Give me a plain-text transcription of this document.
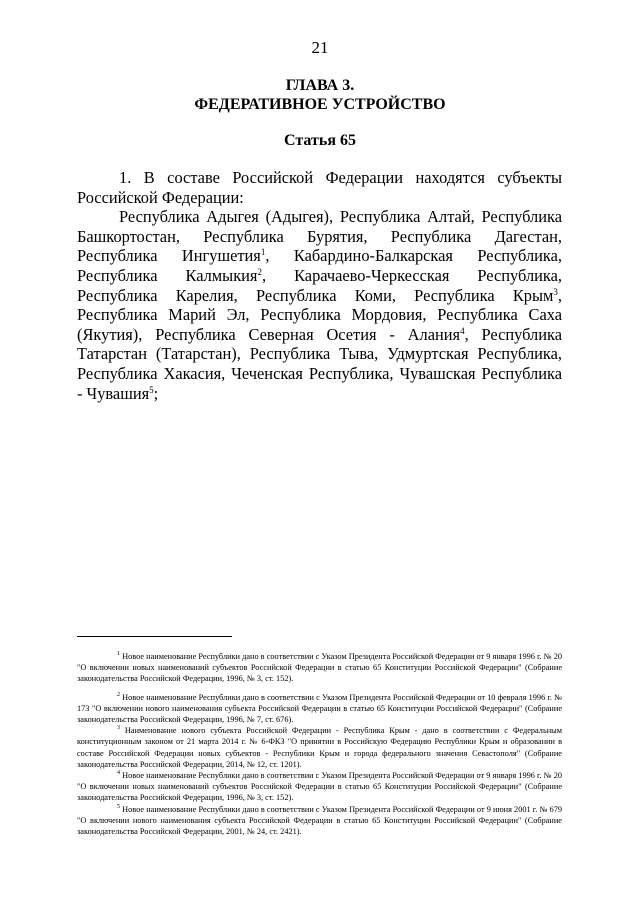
21
ГЛАВА 3.
ФЕДЕРАТИВНОЕ УСТРОЙСТВО
Статья 65

1. В составе Российской Федерации находятся субъекты Российской Федерации:

Республика Адыгея (Адыгея), Республика Алтай, Республика Башкортостан, Республика Бурятия, Республика Дагестан, Республика Ингушетия$^1$, Кабардино-Балкарская Республика, Республика Калмыкия$^2$, Карачаево-Черкесская Республика, Республика Карелия, Республика Коми, Республика Крым$^3$, Республика Марий Эл, Республика Мордовия, Республика Саха (Якутия), Республика Северная Осетия - Алания$^4$, Республика Татарстан (Татарстан), Республика Тыва, Удмуртская Республика, Республика Хакасия, Чеченская Республика, Чувашская Республика - Чувашия$^5$;

$^1$ Новое наименование Республики дано в соответствии с Указом Президента Российской Федерации от 9 января 1996 г. № 20 "О включении новых наименований субъектов Российской Федерации в статью 65 Конституции Российской Федерации" (Собрание законодательства Российской Федерации, 1996, № 3, ст. 152).

$^2$ Новое наименование Республики дано в соответствии с Указом Президента Российской Федерации от 10 февраля 1996 г. № 173 "О включении нового наименования субъекта Российской Федерации в статью 65 Конституции Российской Федерации" (Собрание законодательства Российской Федерации, 1996, № 7, ст. 676).

$^3$ Наименование нового субъекта Российской Федерации - Республика Крым - дано в соответствии с Федеральным конституционным законом от 21 марта 2014 г. № 6-ФКЗ "О принятии в Российскую Федерацию Республики Крым и образовании в составе Российской Федерации новых субъектов - Республики Крым и города федерального значения Севастополя" (Собрание законодательства Российской Федерации, 2014, № 12, ст. 1201).

$^4$ Новое наименование Республики дано в соответствии с Указом Президента Российской Федерации от 9 января 1996 г. № 20 "О включении новых наименований субъектов Российской Федерации в статью 65 Конституции Российской Федерации" (Собрание законодательства Российской Федерации, 1996, № 3, ст. 152).

$^5$ Новое наименование Республики дано в соответствии с Указом Президента Российской Федерации от 9 июня 2001 г. № 679 "О включении нового наименования субъекта Российской Федерации в статью 65 Конституции Российской Федерации" (Собрание законодательства Российской Федерации, 2001, № 24, ст. 2421).
